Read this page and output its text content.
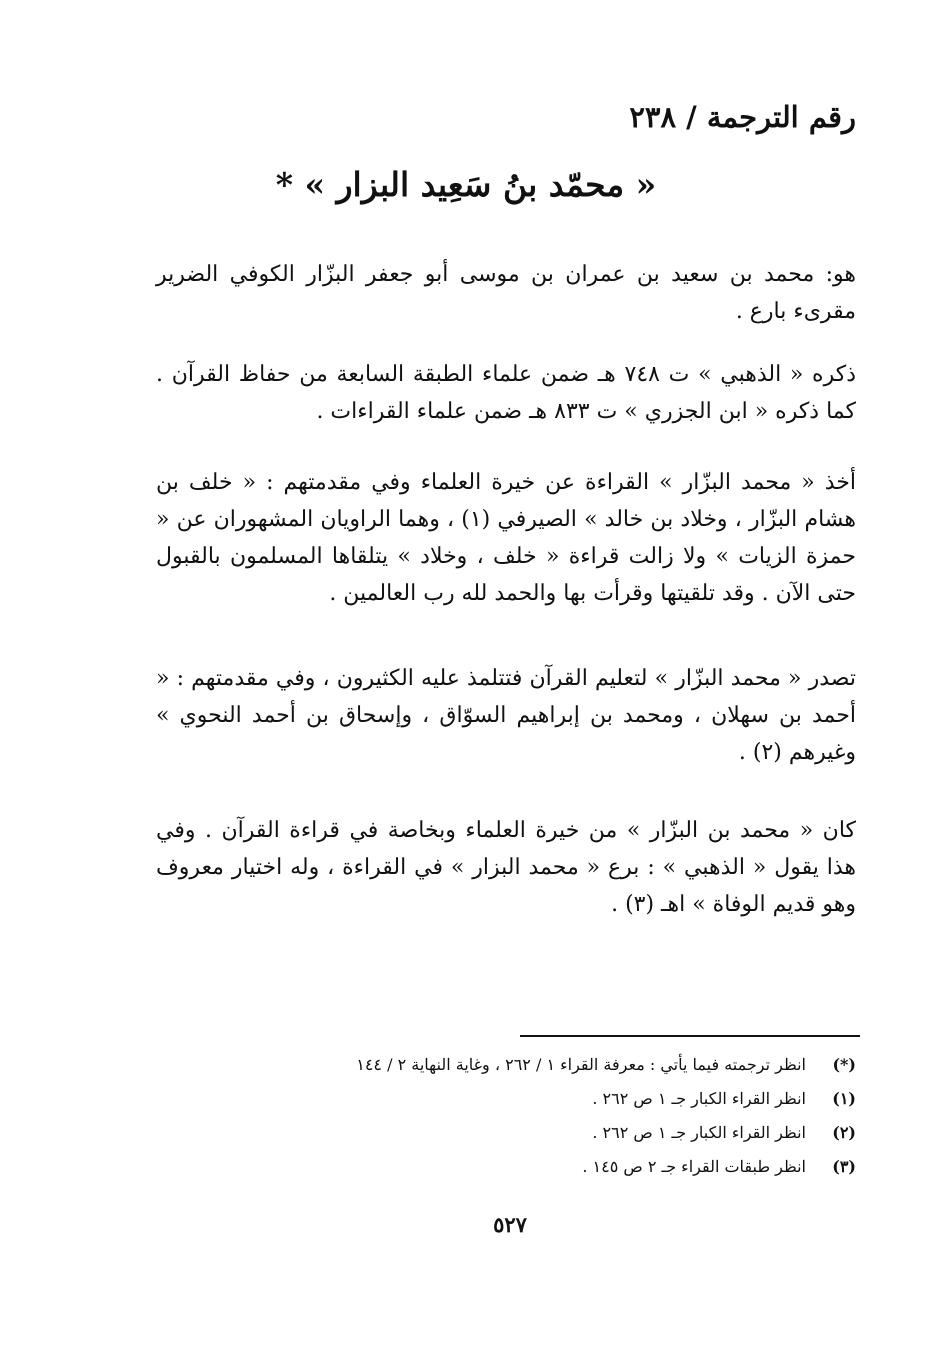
رقم الترجمة / ٢٣٨
« محمّد بنُ سَعِيد البزار » *

هو: محمد بن سعيد بن عمران بن موسى أبو جعفر البزّار الكوفي الضرير مقرىء بارع .

ذكره « الذهبي » ت ٧٤٨ هـ ضمن علماء الطبقة السابعة من حفاظ القرآن . كما ذكره « ابن الجزري » ت ٨٣٣ هـ ضمن علماء القراءات .

أخذ « محمد البزّار » القراءة عن خيرة العلماء وفي مقدمتهم : « خلف بن هشام البزّار ، وخلاد بن خالد » الصيرفي (١) ، وهما الراويان المشهوران عن « حمزة الزيات » ولا زالت قراءة « خلف ، وخلاد » يتلقاها المسلمون بالقبول حتى الآن . وقد تلقيتها وقرأت بها والحمد لله رب العالمين .

تصدر « محمد البزّار » لتعليم القرآن فتتلمذ عليه الكثيرون ، وفي مقدمتهم : « أحمد بن سهلان ، ومحمد بن إبراهيم السوّاق ، وإسحاق بن أحمد النحوي » وغيرهم (٢) .

كان « محمد بن البزّار » من خيرة العلماء وبخاصة في قراءة القرآن . وفي هذا يقول « الذهبي » : برع « محمد البزار » في القراءة ، وله اختيار معروف وهو قديم الوفاة » اهـ (٣) .

(*)
انظر ترجمته فيما يأتي : معرفة القراء ١ / ٢٦٢ ، وغاية النهاية ٢ / ١٤٤
(١)
انظر القراء الكبار جـ ١ ص ٢٦٢ .
(٢)
انظر القراء الكبار جـ ١ ص ٢٦٢ .
(٣)
انظر طبقات القراء جـ ٢ ص ١٤٥ .
٥٢٧
